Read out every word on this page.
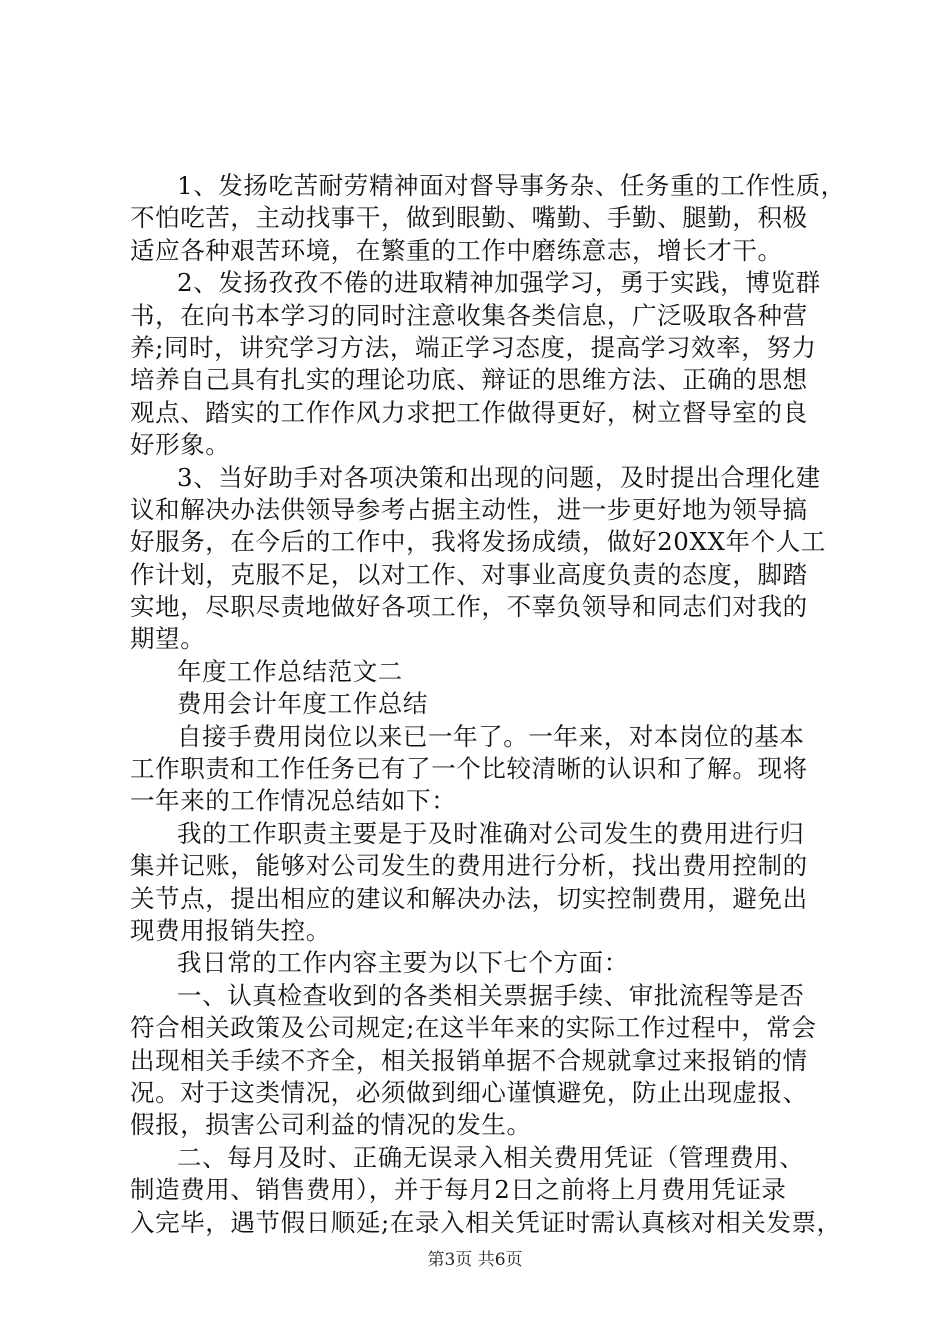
1、发扬吃苦耐劳精神面对督导事务杂、任务重的工作性质，
不怕吃苦，主动找事干，做到眼勤、嘴勤、手勤、腿勤，积极
适应各种艰苦环境，在繁重的工作中磨练意志，增长才干。
2、发扬孜孜不倦的进取精神加强学习，勇于实践，博览群
书，在向书本学习的同时注意收集各类信息，广泛吸取各种营
养;同时，讲究学习方法，端正学习态度，提高学习效率，努力
培养自己具有扎实的理论功底、辩证的思维方法、正确的思想
观点、踏实的工作作风力求把工作做得更好，树立督导室的良
好形象。
3、当好助手对各项决策和出现的问题，及时提出合理化建
议和解决办法供领导参考占据主动性，进一步更好地为领导搞
好服务，在今后的工作中，我将发扬成绩，做好20XX年个人工
作计划，克服不足，以对工作、对事业高度负责的态度，脚踏
实地，尽职尽责地做好各项工作，不辜负领导和同志们对我的
期望。
年度工作总结范文二
费用会计年度工作总结
自接手费用岗位以来已一年了。一年来，对本岗位的基本
工作职责和工作任务已有了一个比较清晰的认识和了解。现将
一年来的工作情况总结如下：
我的工作职责主要是于及时准确对公司发生的费用进行归
集并记账，能够对公司发生的费用进行分析，找出费用控制的
关节点，提出相应的建议和解决办法，切实控制费用，避免出
现费用报销失控。
我日常的工作内容主要为以下七个方面：
一、认真检查收到的各类相关票据手续、审批流程等是否
符合相关政策及公司规定;在这半年来的实际工作过程中，常会
出现相关手续不齐全，相关报销单据不合规就拿过来报销的情
况。对于这类情况，必须做到细心谨慎避免，防止出现虚报、
假报，损害公司利益的情况的发生。
二、每月及时、正确无误录入相关费用凭证（管理费用、
制造费用、销售费用），并于每月2日之前将上月费用凭证录
入完毕，遇节假日顺延;在录入相关凭证时需认真核对相关发票，
第3页 共6页
